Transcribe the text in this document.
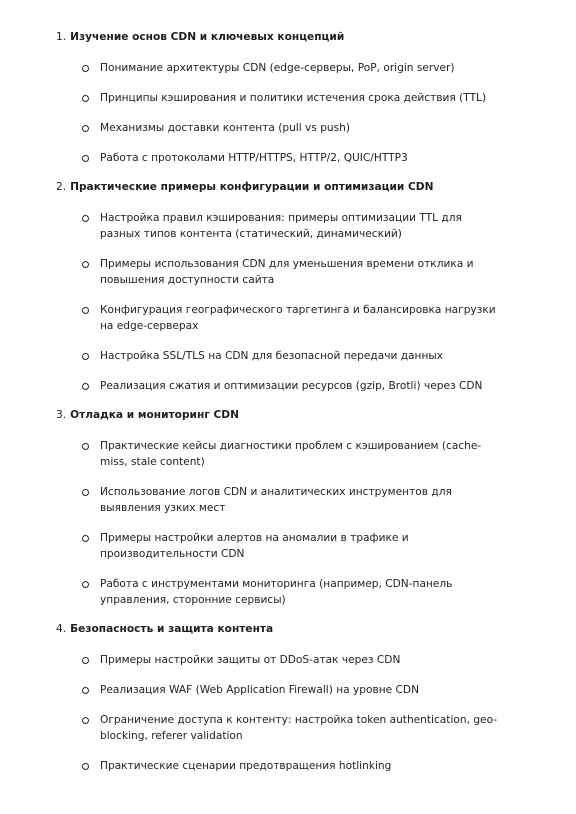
1. Изучение основ CDN и ключевых концепций
Понимание архитектуры CDN (edge-серверы, PoP, origin server)
Принципы кэширования и политики истечения срока действия (TTL)
Механизмы доставки контента (pull vs push)
Работа с протоколами HTTP/HTTPS, HTTP/2, QUIC/HTTP3
2. Практические примеры конфигурации и оптимизации CDN
Настройка правил кэширования: примеры оптимизации TTL для разных типов контента (статический, динамический)
Примеры использования CDN для уменьшения времени отклика и повышения доступности сайта
Конфигурация географического таргетинга и балансировка нагрузки на edge-серверах
Настройка SSL/TLS на CDN для безопасной передачи данных
Реализация сжатия и оптимизации ресурсов (gzip, Brotli) через CDN
3. Отладка и мониторинг CDN
Практические кейсы диагностики проблем с кэшированием (cache-miss, stale content)
Использование логов CDN и аналитических инструментов для выявления узких мест
Примеры настройки алертов на аномалии в трафике и производительности CDN
Работа с инструментами мониторинга (например, CDN-панель управления, сторонние сервисы)
4. Безопасность и защита контента
Примеры настройки защиты от DDoS-атак через CDN
Реализация WAF (Web Application Firewall) на уровне CDN
Ограничение доступа к контенту: настройка token authentication, geo-blocking, referer validation
Практические сценарии предотвращения hotlinking
